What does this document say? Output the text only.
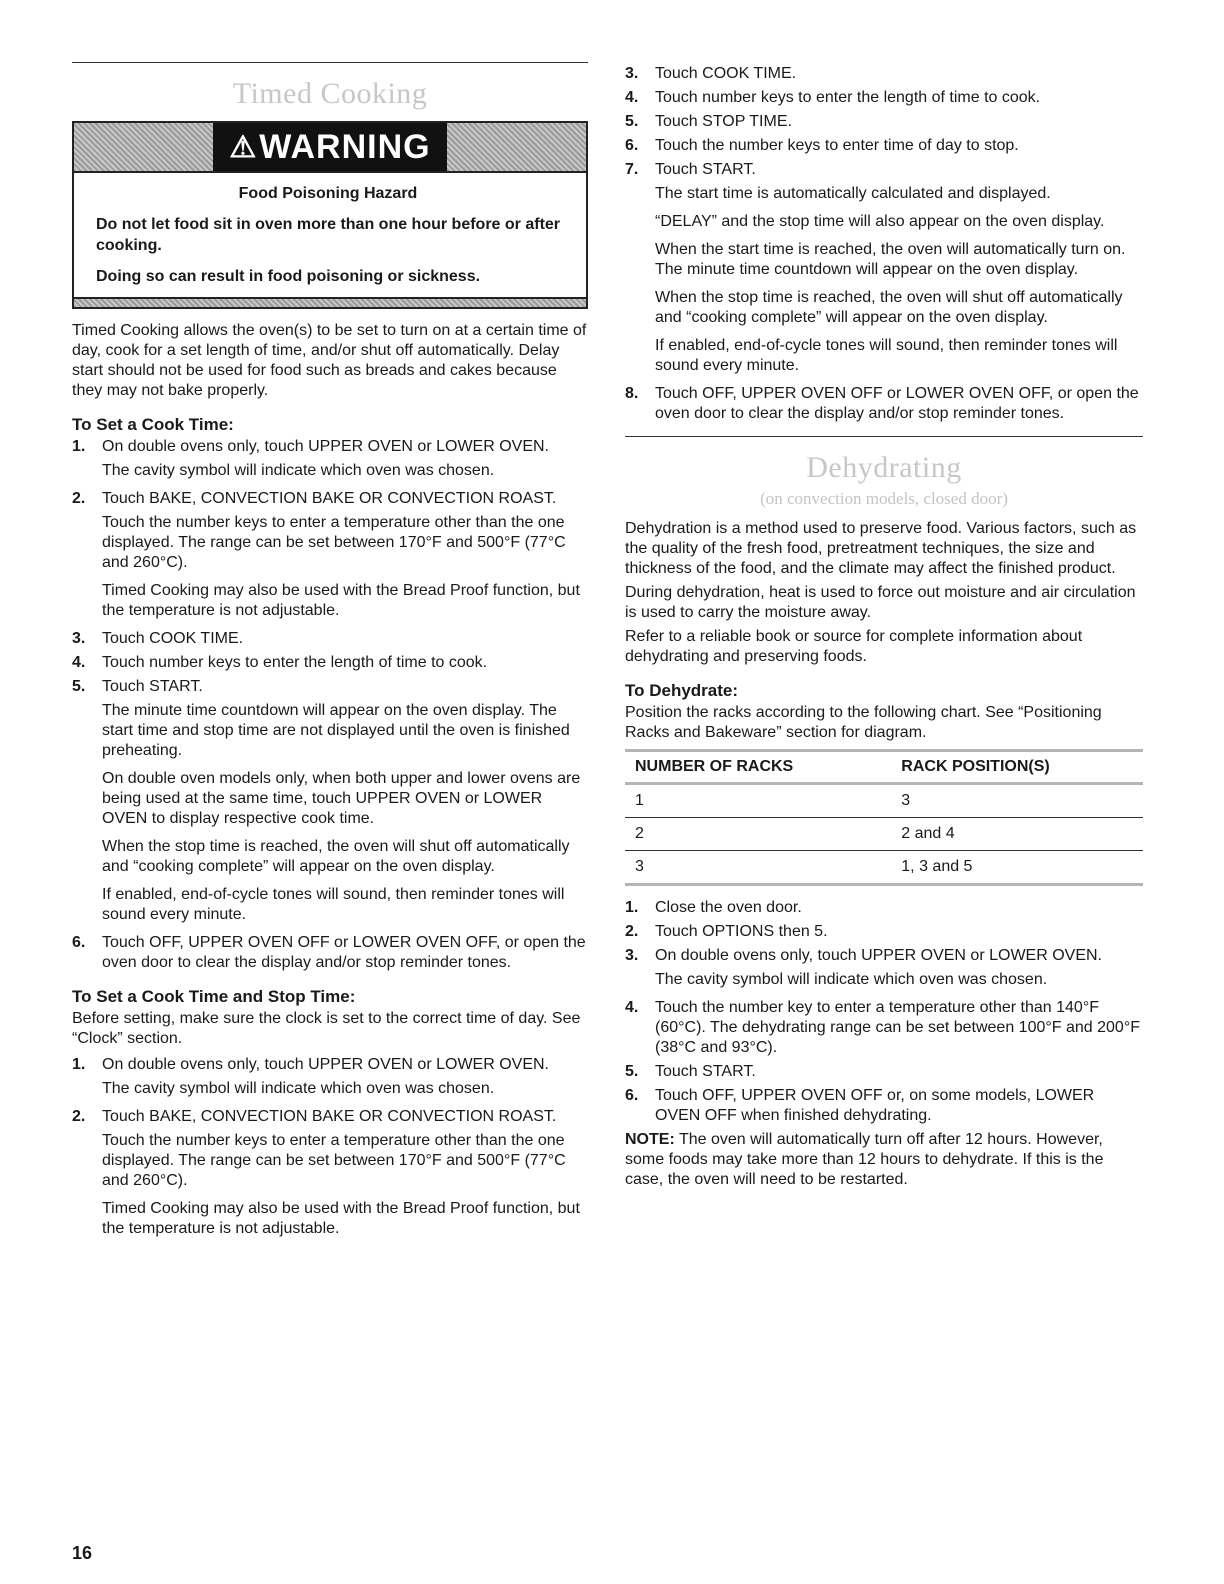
Timed Cooking
⚠ WARNING

Food Poisoning Hazard

Do not let food sit in oven more than one hour before or after cooking.

Doing so can result in food poisoning or sickness.

Timed Cooking allows the oven(s) to be set to turn on at a certain time of day, cook for a set length of time, and/or shut off automatically. Delay start should not be used for food such as breads and cakes because they may not bake properly.

To Set a Cook Time:
1. On double ovens only, touch UPPER OVEN or LOWER OVEN.

The cavity symbol will indicate which oven was chosen.

2. Touch BAKE, CONVECTION BAKE OR CONVECTION ROAST.

Touch the number keys to enter a temperature other than the one displayed. The range can be set between 170°F and 500°F (77°C and 260°C).

Timed Cooking may also be used with the Bread Proof function, but the temperature is not adjustable.

3. Touch COOK TIME.
4. Touch number keys to enter the length of time to cook.
5. Touch START.

The minute time countdown will appear on the oven display. The start time and stop time are not displayed until the oven is finished preheating.

On double oven models only, when both upper and lower ovens are being used at the same time, touch UPPER OVEN or LOWER OVEN to display respective cook time.

When the stop time is reached, the oven will shut off automatically and “cooking complete” will appear on the oven display.

If enabled, end-of-cycle tones will sound, then reminder tones will sound every minute.

6. Touch OFF, UPPER OVEN OFF or LOWER OVEN OFF, or open the oven door to clear the display and/or stop reminder tones.
To Set a Cook Time and Stop Time:

Before setting, make sure the clock is set to the correct time of day. See “Clock” section.

1. On double ovens only, touch UPPER OVEN or LOWER OVEN.

The cavity symbol will indicate which oven was chosen.

2. Touch BAKE, CONVECTION BAKE OR CONVECTION ROAST.

Touch the number keys to enter a temperature other than the one displayed. The range can be set between 170°F and 500°F (77°C and 260°C).

Timed Cooking may also be used with the Bread Proof function, but the temperature is not adjustable.

3. Touch COOK TIME.
4. Touch number keys to enter the length of time to cook.
5. Touch STOP TIME.
6. Touch the number keys to enter time of day to stop.
7. Touch START.

The start time is automatically calculated and displayed.

“DELAY” and the stop time will also appear on the oven display.

When the start time is reached, the oven will automatically turn on. The minute time countdown will appear on the oven display.

When the stop time is reached, the oven will shut off automatically and “cooking complete” will appear on the oven display.

If enabled, end-of-cycle tones will sound, then reminder tones will sound every minute.

8. Touch OFF, UPPER OVEN OFF or LOWER OVEN OFF, or open the oven door to clear the display and/or stop reminder tones.
Dehydrating
(on convection models, closed door)

Dehydration is a method used to preserve food. Various factors, such as the quality of the fresh food, pretreatment techniques, the size and thickness of the food, and the climate may affect the finished product.

During dehydration, heat is used to force out moisture and air circulation is used to carry the moisture away.

Refer to a reliable book or source for complete information about dehydrating and preserving foods.

To Dehydrate:

Position the racks according to the following chart. See “Positioning Racks and Bakeware” section for diagram.

NUMBER OF RACKS	RACK POSITION(S)
1	3
2	2 and 4
3	1, 3 and 5
1. Close the oven door.
2. Touch OPTIONS then 5.
3. On double ovens only, touch UPPER OVEN or LOWER OVEN.

The cavity symbol will indicate which oven was chosen.

4. Touch the number key to enter a temperature other than 140°F (60°C). The dehydrating range can be set between 100°F and 200°F (38°C and 93°C).
5. Touch START.
6. Touch OFF, UPPER OVEN OFF or, on some models, LOWER OVEN OFF when finished dehydrating.

NOTE: The oven will automatically turn off after 12 hours. However, some foods may take more than 12 hours to dehydrate. If this is the case, the oven will need to be restarted.

16
